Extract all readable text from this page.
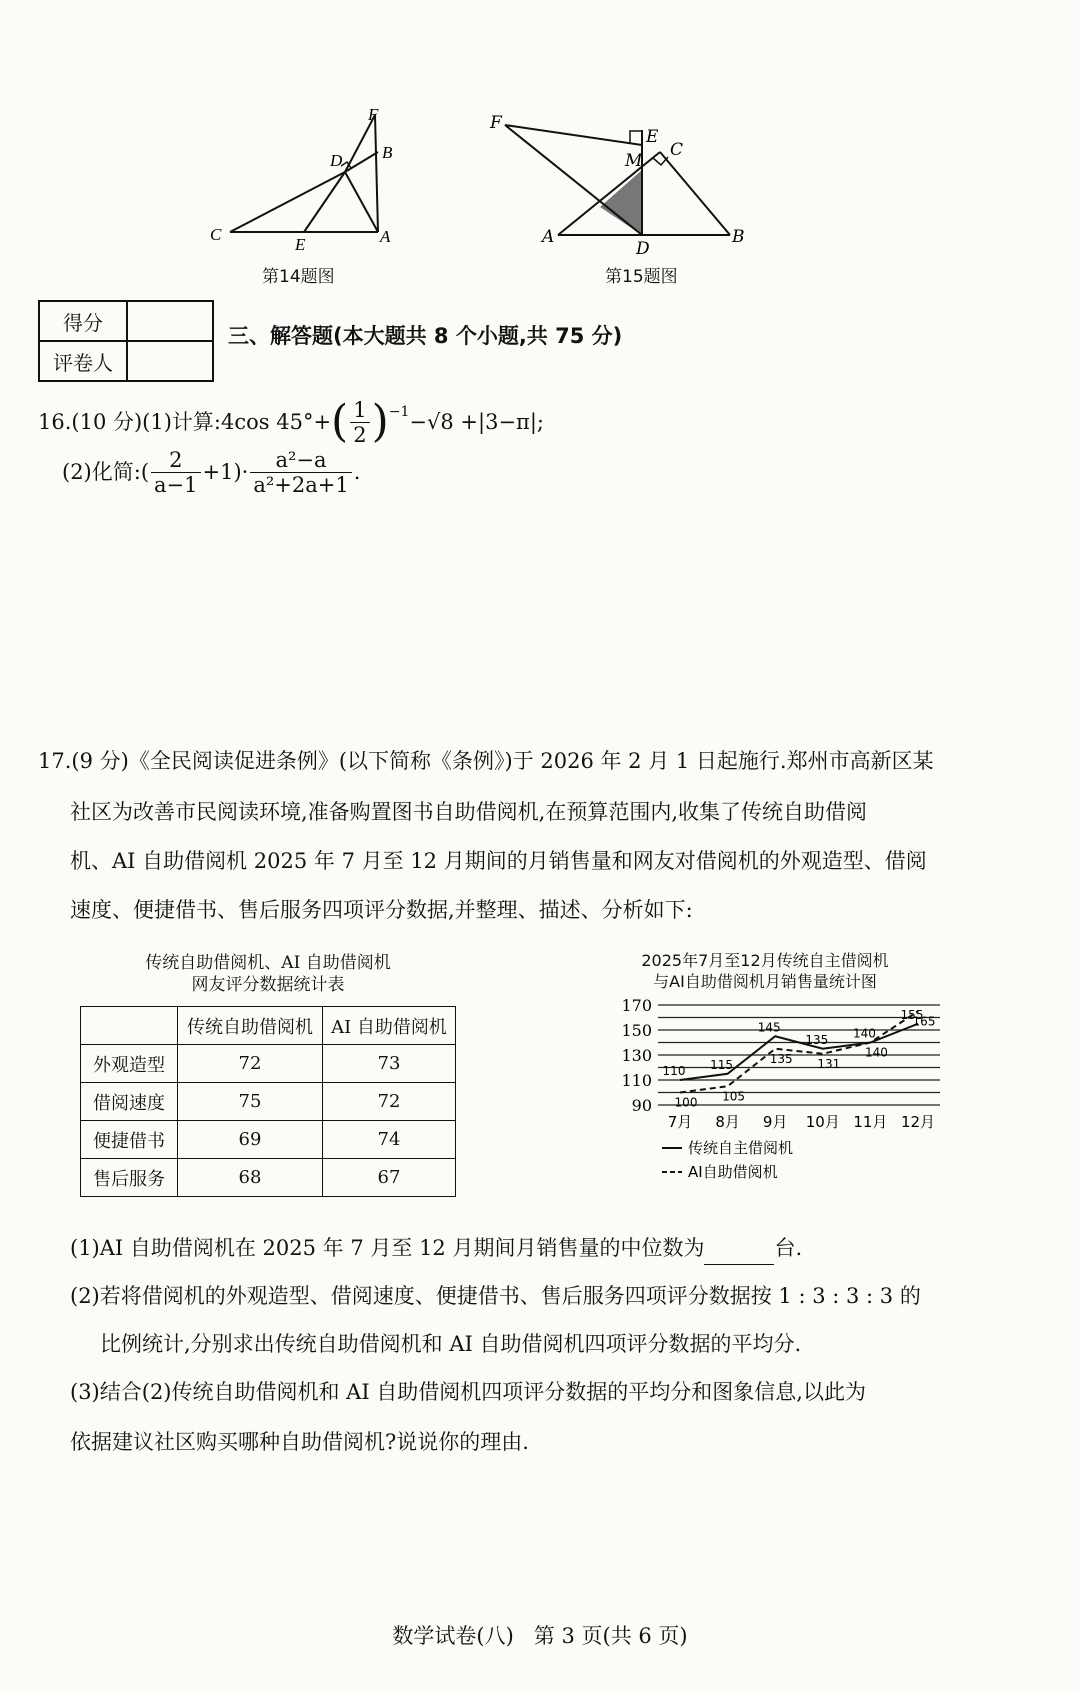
F
B
D
C
E	A
第14题图
F
E
M
C
A
D
B
第15题图
得分	
评卷人	
三、解答题(本大题共 8 个小题,共 75 分)
16.(10 分)(1)计算:4cos 45°+ ( $\frac{1}{2} )^{-1} -√8 +|3-\pi|$;
(2)化简:( $\frac{2}{a-1} +1)\cdot \frac{\text{a²−a}}{\text{a²+2a+1}}$ .
17.(9 分)《全民阅读促进条例》(以下简称《条例》)于 2026 年 2 月 1 日起施行.郑州市高新区某
社区为改善市民阅读环境,准备购置图书自助借阅机,在预算范围内,收集了传统自助借阅
机、AI 自助借阅机 2025 年 7 月至 12 月期间的月销售量和网友对借阅机的外观造型、借阅
速度、便捷借书、售后服务四项评分数据,并整理、描述、分析如下:
传统自助借阅机、AI 自助借阅机
网友评分数据统计表
	传统自助借阅机	AI 自助借阅机
外观造型	72	73
借阅速度	75	72
便捷借书	69	74
售后服务	68	67
2025年7月至12月传统自主借阅机
与AI自助借阅机月销售量统计图
90
110
130
150
170
7月 8月 9月 10月 11月 12月
110 115
145
135 140
155
100 105
135 131
140
165
传统自主借阅机
AI自助借阅机
(1)AI 自助借阅机在 2025 年 7 月至 12 月期间月销售量的中位数为	台.
(2)若将借阅机的外观造型、借阅速度、便捷借书、售后服务四项评分数据按 1 : 3 : 3 : 3 的
比例统计,分别求出传统自助借阅机和 AI 自助借阅机四项评分数据的平均分.
(3)结合(2)传统自助借阅机和 AI 自助借阅机四项评分数据的平均分和图象信息,以此为
依据建议社区购买哪种自助借阅机?说说你的理由.
数学试卷(八)   第 3 页(共 6 页)
